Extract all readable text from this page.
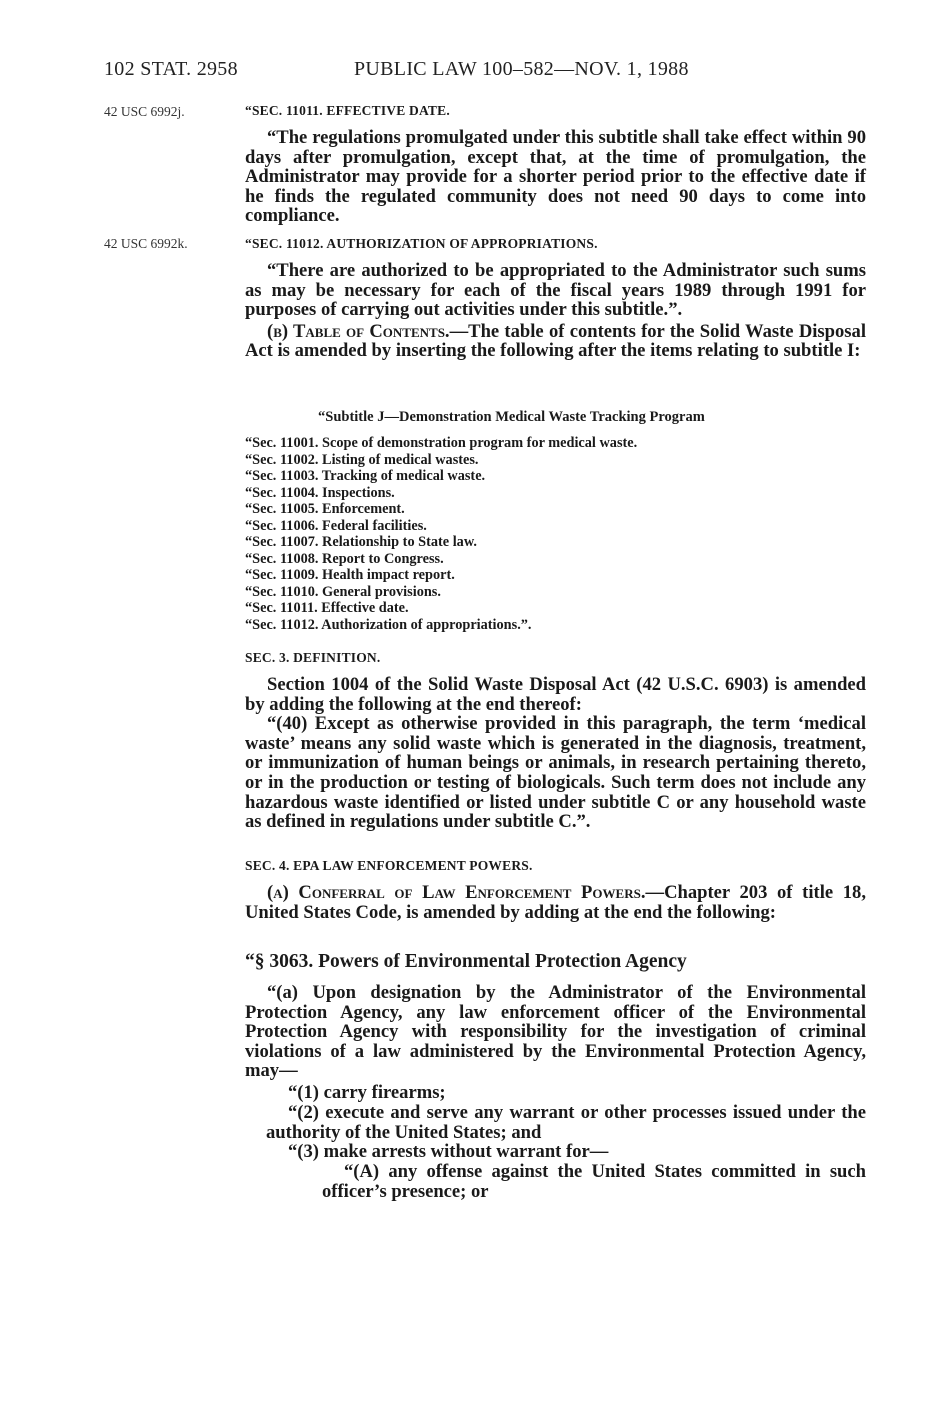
102 STAT. 2958	PUBLIC LAW 100–582—NOV. 1, 1988
42 USC 6992j.
42 USC 6992k.

“SEC. 11011. EFFECTIVE DATE.

“The regulations promulgated under this subtitle shall take effect within 90 days after promulgation, except that, at the time of promulgation, the Administrator may provide for a shorter period prior to the effective date if he finds the regulated community does not need 90 days to come into compliance.

“SEC. 11012. AUTHORIZATION OF APPROPRIATIONS.

“There are authorized to be appropriated to the Administrator such sums as may be necessary for each of the fiscal years 1989 through 1991 for purposes of carrying out activities under this subtitle.”.

(b) Table of Contents.—The table of contents for the Solid Waste Disposal Act is amended by inserting the following after the items relating to subtitle I:

“Subtitle J—Demonstration Medical Waste Tracking Program
“Sec. 11001. Scope of demonstration program for medical waste.
“Sec. 11002. Listing of medical wastes.
“Sec. 11003. Tracking of medical waste.
“Sec. 11004. Inspections.
“Sec. 11005. Enforcement.
“Sec. 11006. Federal facilities.
“Sec. 11007. Relationship to State law.
“Sec. 11008. Report to Congress.
“Sec. 11009. Health impact report.
“Sec. 11010. General provisions.
“Sec. 11011. Effective date.
“Sec. 11012. Authorization of appropriations.”.

SEC. 3. DEFINITION.

Section 1004 of the Solid Waste Disposal Act (42 U.S.C. 6903) is amended by adding the following at the end thereof:

“(40) Except as otherwise provided in this paragraph, the term ‘medical waste’ means any solid waste which is generated in the diagnosis, treatment, or immunization of human beings or animals, in research pertaining thereto, or in the production or testing of biologicals. Such term does not include any hazardous waste identified or listed under subtitle C or any household waste as defined in regulations under subtitle C.”.

SEC. 4. EPA LAW ENFORCEMENT POWERS.

(a) Conferral of Law Enforcement Powers.—Chapter 203 of title 18, United States Code, is amended by adding at the end the following:

“§ 3063. Powers of Environmental Protection Agency

“(a) Upon designation by the Administrator of the Environmental Protection Agency, any law enforcement officer of the Environmental Protection Agency with responsibility for the investigation of criminal violations of a law administered by the Environmental Protection Agency, may—

“(1) carry firearms;
“(2) execute and serve any warrant or other processes issued under the authority of the United States; and
“(3) make arrests without warrant for—
“(A) any offense against the United States committed in such officer’s presence; or
